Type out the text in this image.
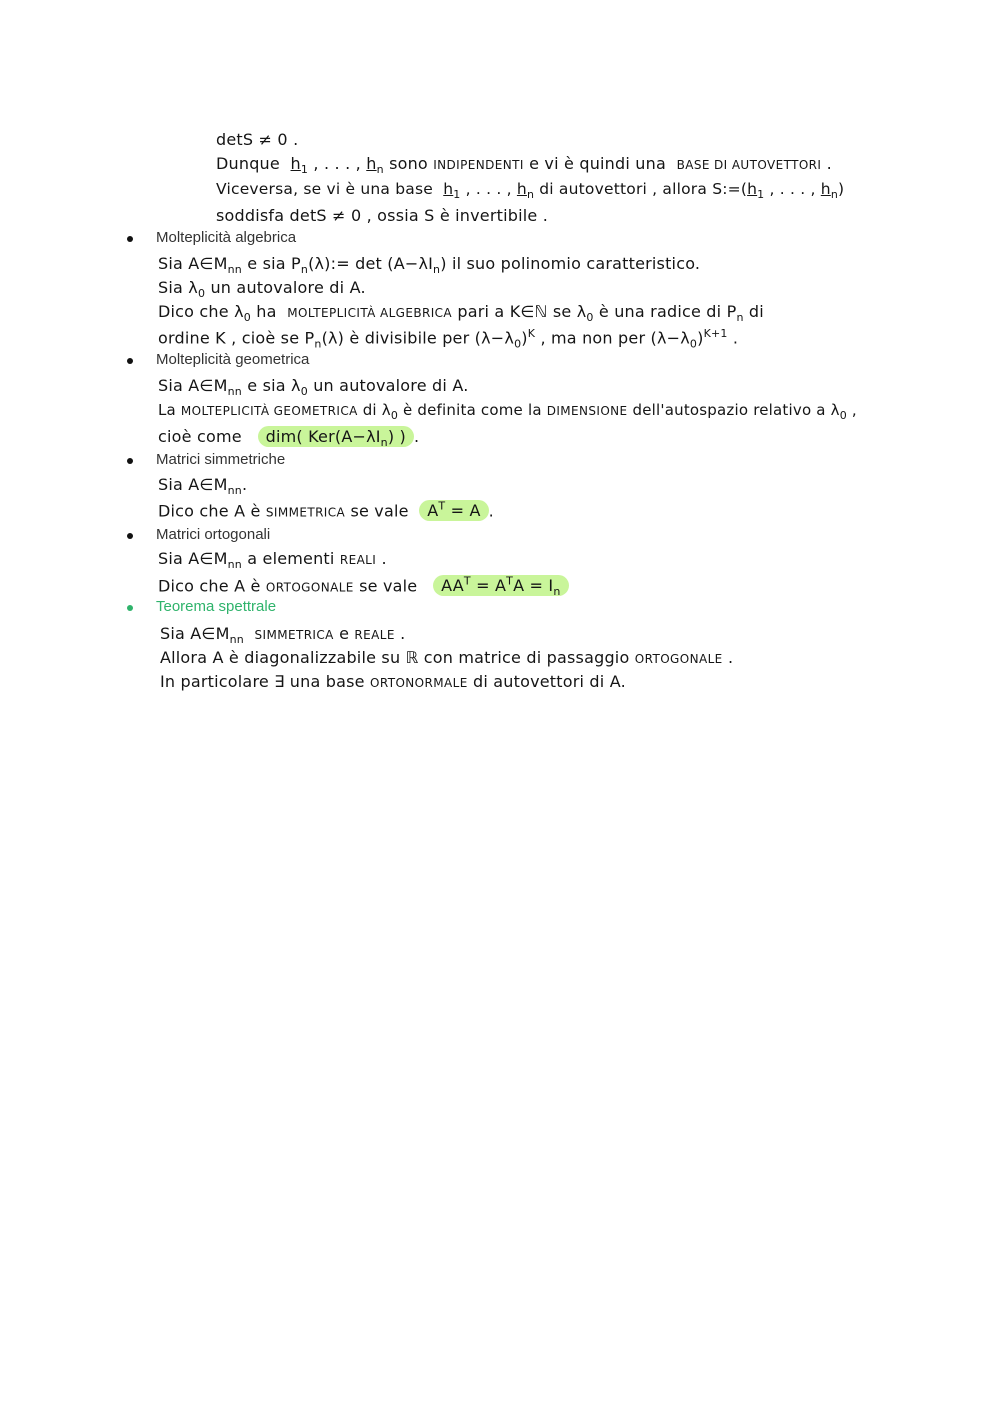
detS ≠ 0 .
Dunque $h_1$ , . . . , $h_n$ sono INDIPENDENTI e vi è quindi una BASE DI AUTOVETTORI .
Viceversa, se vi è una base $h_1$ , . . . , $h_n$ di autovettori , allora $S:=(h_1$ , . . . , $h_n$)
soddisfa detS ≠ 0 , ossia S è invertibile .
Molteplicità algebrica
Sia $A\in M_{nn}$ e sia $P_n(\lambda):= \det (A-\lambda I_n)$ il suo polinomio caratteristico.
Sia $\lambda_0$ un autovalore di A.
Dico che $\lambda_0$ ha MOLTEPLICITÀ ALGEBRICA pari a K∈ℕ se $\lambda_0$ è una radice di $P_n$ di
ordine K , cioè se $P_n(\lambda)$ è divisibile per $(\lambda-\lambda_0)^K$ , ma non per $(\lambda-\lambda_0)^{K+1}$ .
Molteplicità geometrica
Sia $A\in M_{nn}$ e sia $\lambda_0$ un autovalore di A.
La MOLTEPLICITÀ GEOMETRICA di $\lambda_0$ è definita come la DIMENSIONE dell'autospazio relativo a $\lambda_0$ ,
cioè come dim( $Ker(A-\lambda I_n)$ ) .
Matrici simmetriche
Sia $A\in M_{nn}$.
Dico che A è SIMMETRICA se vale $A^T = A$ .
Matrici ortogonali
Sia $A\in M_{nn}$ a elementi REALI .
Dico che A è ORTOGONALE se vale $AA^T = A^TA = I_n$
Teorema spettrale
Sia $A\in M_{nn}$ SIMMETRICA e REALE .
Allora A è diagonalizzabile su ℝ con matrice di passaggio ORTOGONALE .
In particolare ∃ una base ORTONORMALE di autovettori di A.
